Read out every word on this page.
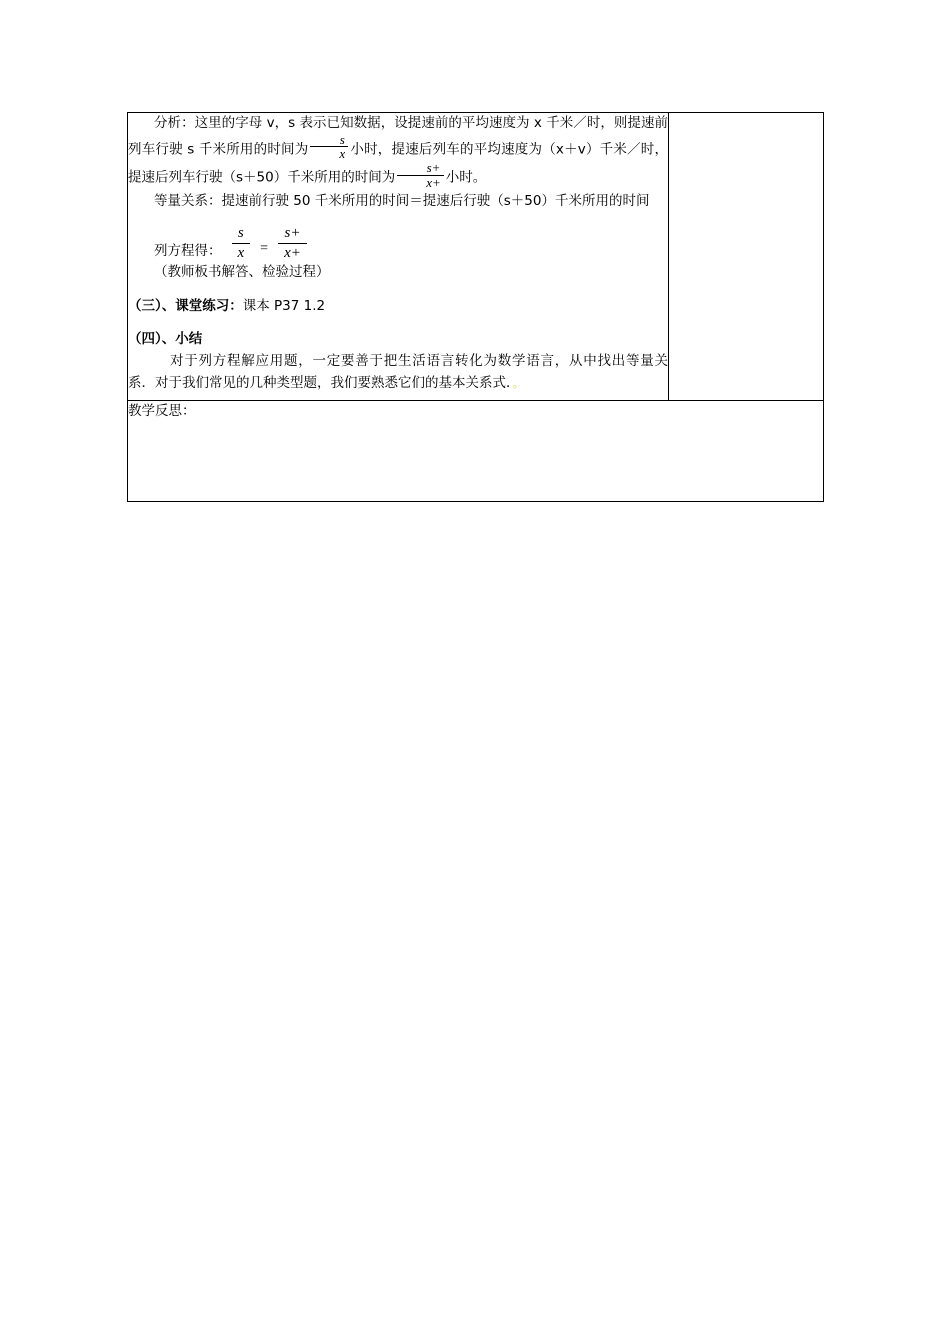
分析：这里的字母 v，s 表示已知数据，设提速前的平均速度为 x 千米／时，则提速前列车行驶 s 千米所用的时间为 $\frac{s}{x}$ 小时，提速后列车的平均速度为（x＋v）千米／时，提速后列车行驶（s＋50）千米所用的时间为 $\frac{s+}{x+}$ 小时。

等量关系：提速前行驶 50 千米所用的时间＝提速后行驶（s＋50）千米所用的时间

列方程得： $\frac{s}{x} = \frac{s+}{x+}$

（教师板书解答、检验过程）

（三）、课堂练习：课本 P37 1.2

（四）、小结

对于列方程解应用题，一定要善于把生活语言转化为数学语言，从中找出等量关系．对于我们常见的几种类型题，我们要熟悉它们的基本关系式．。

教学反思：
